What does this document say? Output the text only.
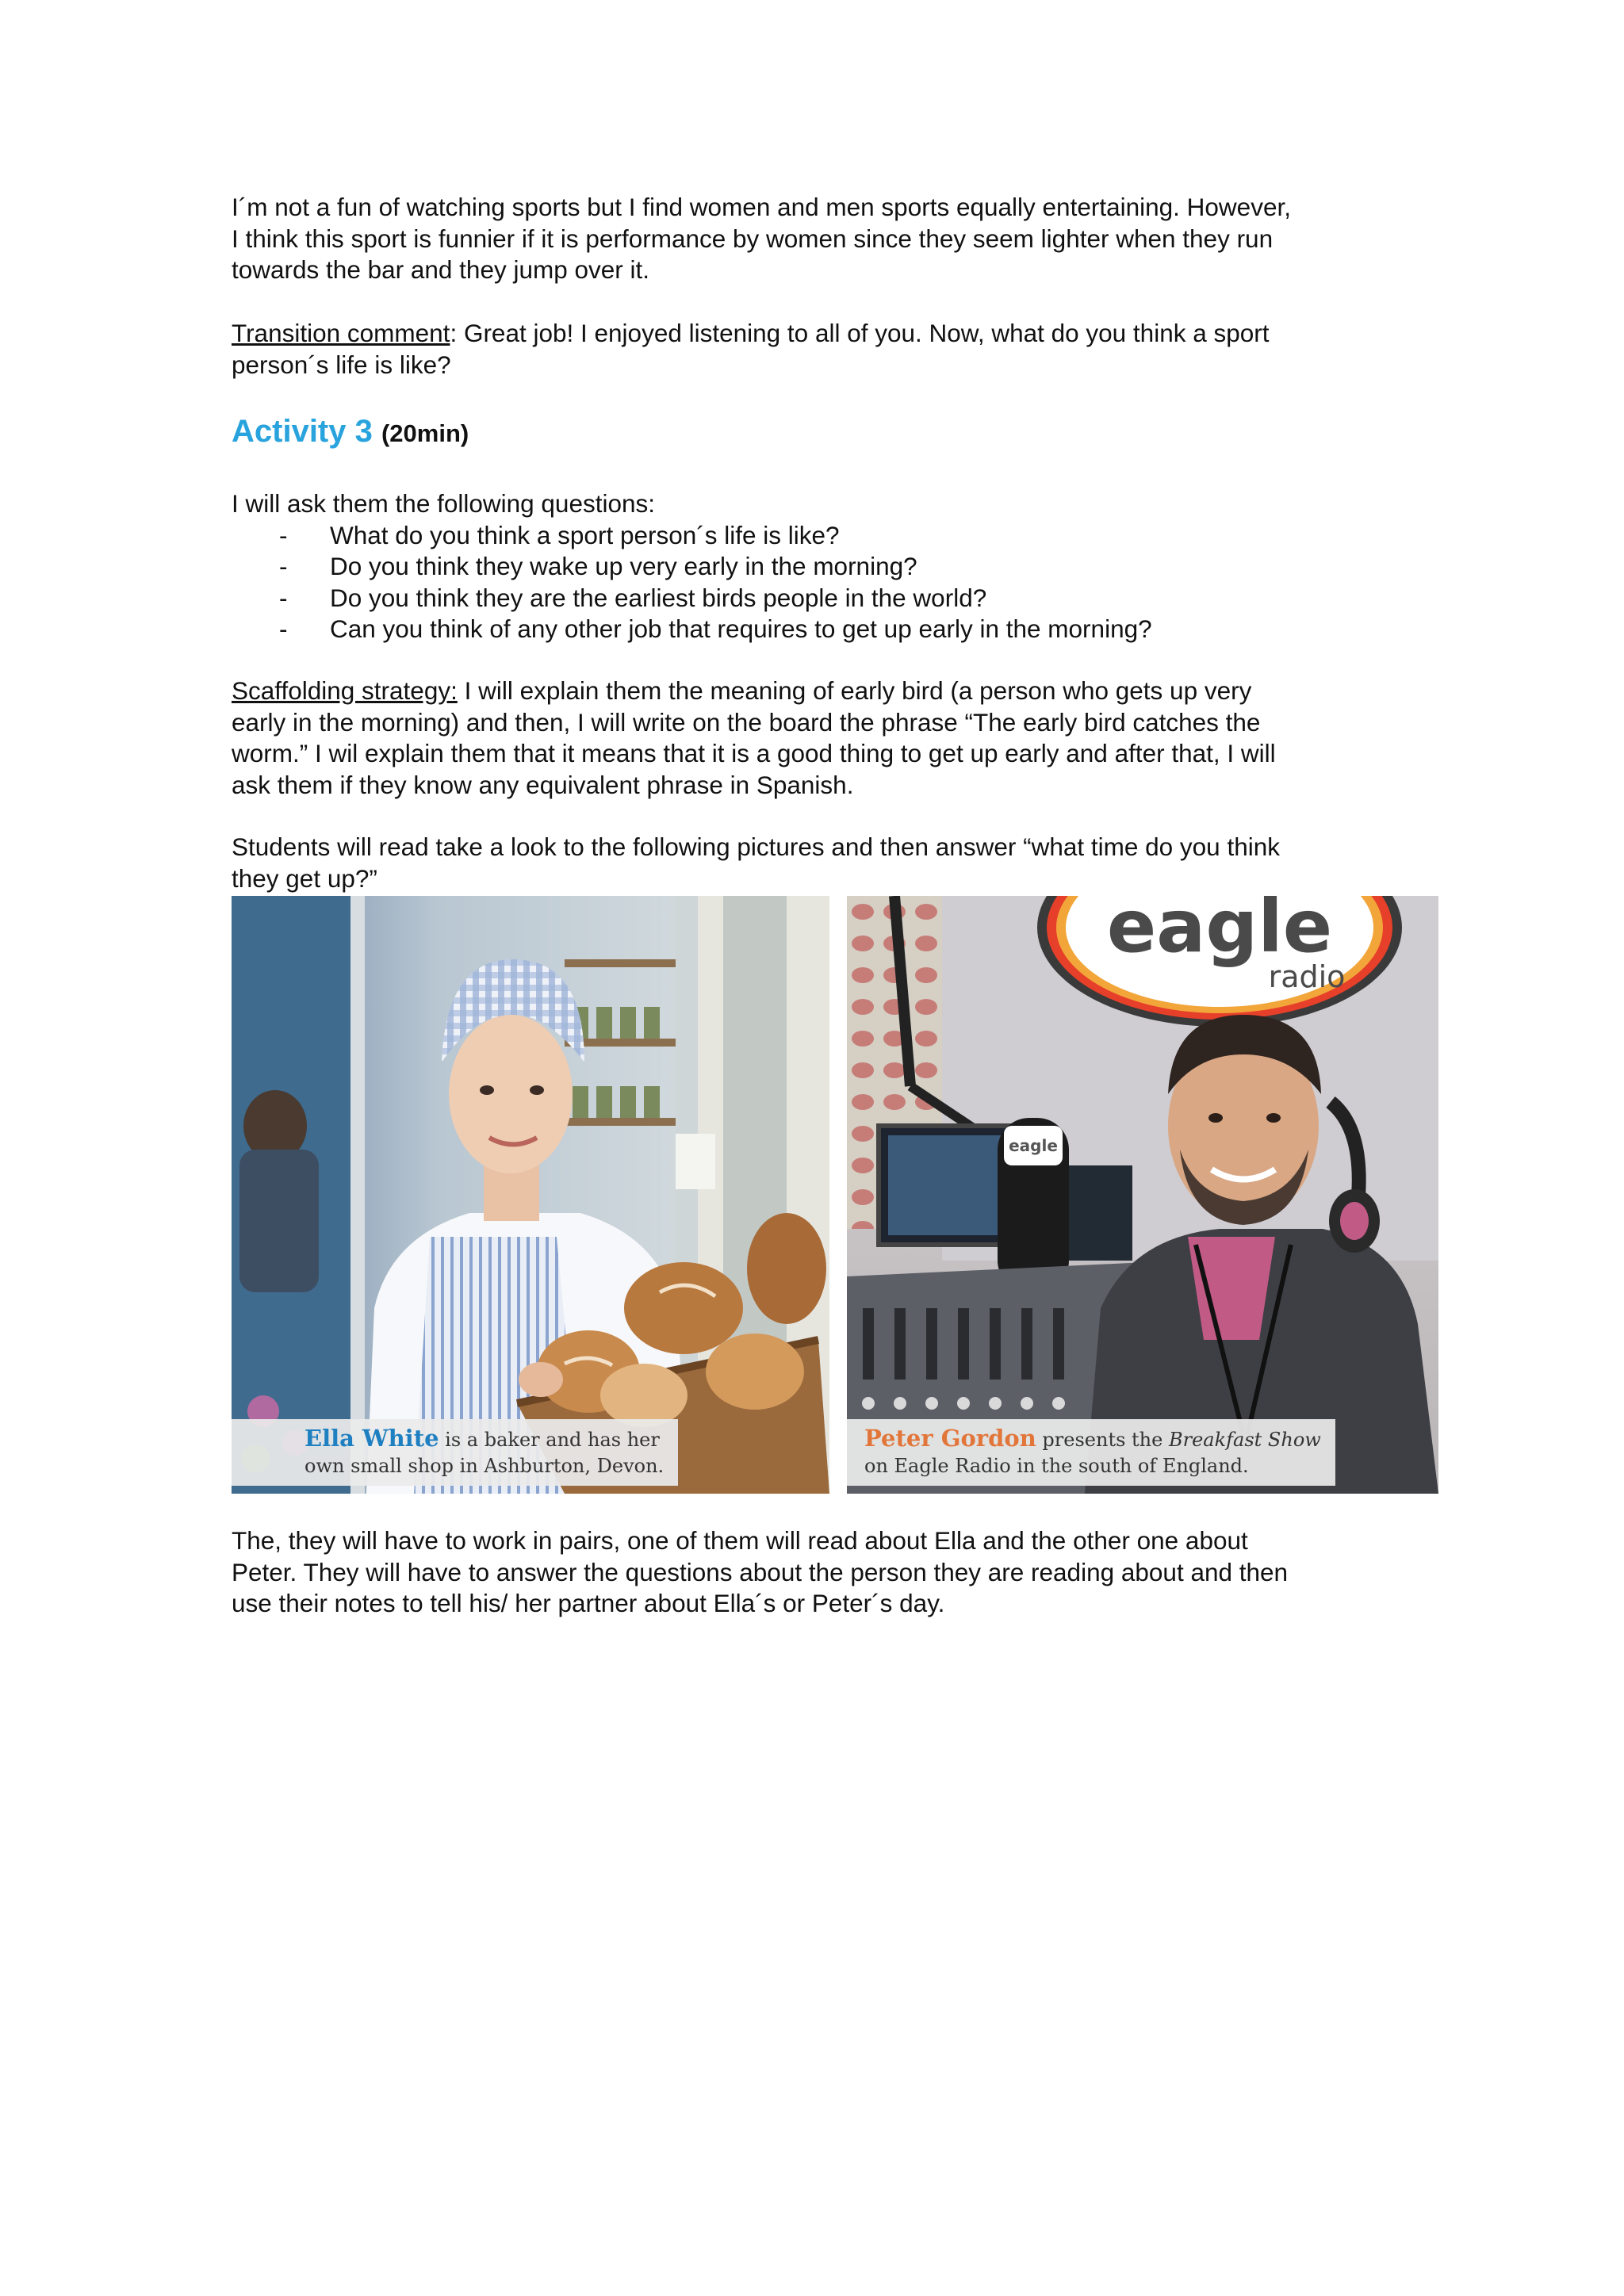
I´m not a fun of watching sports but I find women and men sports equally entertaining. However,

I think this sport is funnier if it is performance by women since they seem lighter when they run

towards the bar and they jump over it.

Transition comment: Great job! I enjoyed listening to all of you. Now, what do you think a sport

person´s life is like?

Activity 3 (20min)

I will ask them the following questions:

- What do you think a sport person´s life is like?
- Do you think they wake up very early in the morning?
- Do you think they are the earliest birds people in the world?
- Can you think of any other job that requires to get up early in the morning?

Scaffolding strategy: I will explain them the meaning of early bird (a person who gets up very

early in the morning) and then, I will write on the board the phrase “The early bird catches the

worm.” I wil explain them that it means that it is a good thing to get up early and after that, I will

ask them if they know any equivalent phrase in Spanish.

Students will read take a look to the following pictures and then answer “what time do you think

they get up?”

Ella White is a baker and has her
own small shop in Ashburton, Devon.
eagle
radio
eagle
Peter Gordon presents the Breakfast Show
on Eagle Radio in the south of England.

The, they will have to work in pairs, one of them will read about Ella and the other one about

Peter. They will have to answer the questions about the person they are reading about and then

use their notes to tell his/ her partner about Ella´s or Peter´s day.
